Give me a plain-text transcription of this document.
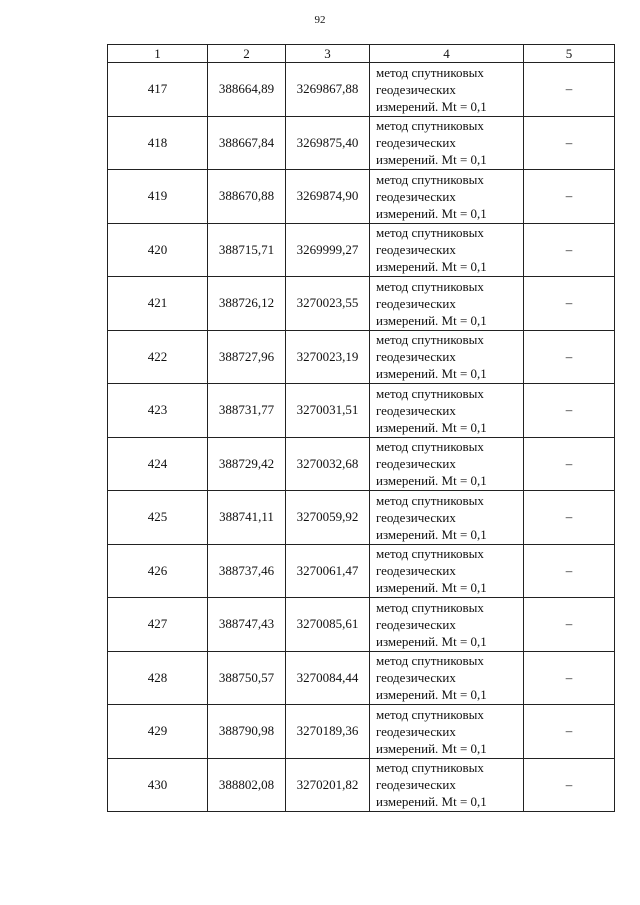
92
1	2	3	4	5
417	388664,89	3269867,88	метод спутниковых
геодезических
измерений. Mt = 0,1	–
418	388667,84	3269875,40	метод спутниковых
геодезических
измерений. Mt = 0,1	–
419	388670,88	3269874,90	метод спутниковых
геодезических
измерений. Mt = 0,1	–
420	388715,71	3269999,27	метод спутниковых
геодезических
измерений. Mt = 0,1	–
421	388726,12	3270023,55	метод спутниковых
геодезических
измерений. Mt = 0,1	–
422	388727,96	3270023,19	метод спутниковых
геодезических
измерений. Mt = 0,1	–
423	388731,77	3270031,51	метод спутниковых
геодезических
измерений. Mt = 0,1	–
424	388729,42	3270032,68	метод спутниковых
геодезических
измерений. Mt = 0,1	–
425	388741,11	3270059,92	метод спутниковых
геодезических
измерений. Mt = 0,1	–
426	388737,46	3270061,47	метод спутниковых
геодезических
измерений. Mt = 0,1	–
427	388747,43	3270085,61	метод спутниковых
геодезических
измерений. Mt = 0,1	–
428	388750,57	3270084,44	метод спутниковых
геодезических
измерений. Mt = 0,1	–
429	388790,98	3270189,36	метод спутниковых
геодезических
измерений. Mt = 0,1	–
430	388802,08	3270201,82	метод спутниковых
геодезических
измерений. Mt = 0,1	–
